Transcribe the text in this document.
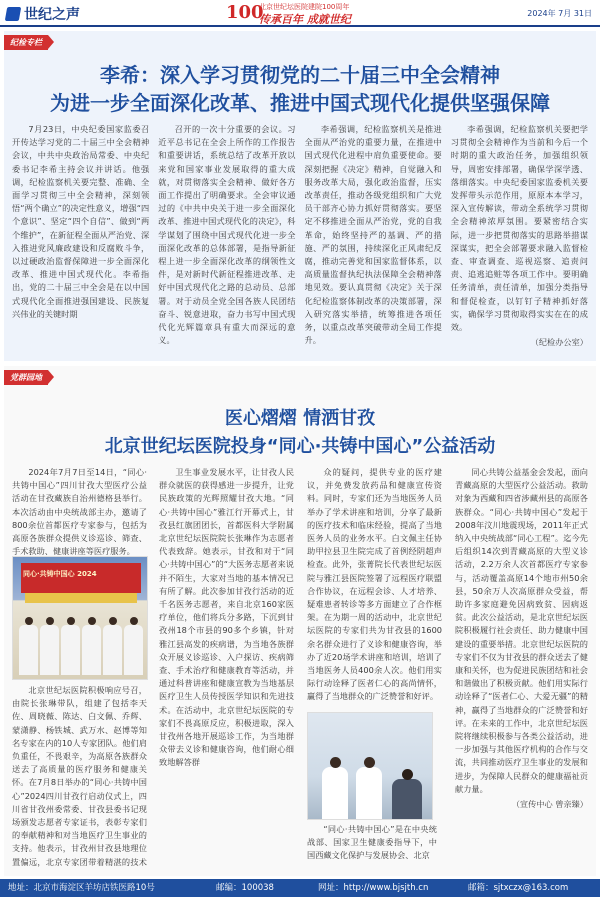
世纪之声	100
北京世纪坛医院建院100周年
传承百年 成就世纪	2024年 7月 31日
纪检专栏
李希：深入学习贯彻党的二十届三中全会精神
为进一步全面深化改革、推进中国式现代化提供坚强保障

7月23日，中央纪委国家监委召开传达学习党的二十届三中全会精神会议，中共中央政治局常委、中央纪委书记李希主持会议并讲话。他强调，纪检监察机关要完整、准确、全面学习贯彻三中全会精神，深刻领悟“两个确立”的决定性意义，增强“四个意识”、坚定“四个自信”、做到“两个维护”，在新征程全面从严治党、深入推进党风廉政建设和反腐败斗争，以过硬政治监督保障进一步全面深化改革、推进中国式现代化。李希指出，党的二十届三中全会是在以中国式现代化全面推进强国建设、民族复兴伟业的关键时期

召开的一次十分重要的会议。习近平总书记在全会上所作的工作报告和重要讲话，系统总结了改革开放以来党和国家事业发展取得的重大成就，对贯彻落实全会精神、做好各方面工作提出了明确要求。全会审议通过的《中共中央关于进一步全面深化改革、推进中国式现代化的决定》，科学谋划了围绕中国式现代化进一步全面深化改革的总体部署，是指导新征程上进一步全面深化改革的纲领性文件，是对新时代新征程推进改革、走好中国式现代化之路的总动员、总部署。对于动员全党全国各族人民团结奋斗、锐意进取，奋力书写中国式现代化光辉篇章具有重大而深远的意义。

李希强调，纪检监察机关是推进全面从严治党的重要力量，在推进中国式现代化进程中肩负重要使命。要深刻把握《决定》精神，自觉融入和服务改革大局，强化政治监督，压实改革责任，推动各级党组织和广大党员干部齐心协力抓好贯彻落实。要坚定不移推进全面从严治党，党的自我革命，始终坚持严的基调、严的措施、严的氛围，持续深化正风肃纪反腐，推动完善党和国家监督体系，以高质量监督执纪执法保障全会精神落地见效。要认真贯彻《决定》关于深化纪检监察体制改革的决策部署，深入研究落实举措，统筹推进各项任务，以重点改革突破带动全局工作提升。

李希强调，纪检监察机关要把学习贯彻全会精神作为当前和今后一个时期的重大政治任务，加强组织领导，周密安排部署，确保学深学透、落细落实。中央纪委国家监委机关要发挥带头示范作用，原原本本学习，深入宣传解读，带动全系统学习贯彻全会精神浓厚氛围。要紧密结合实际，进一步把贯彻落实的思路举措谋深谋实，把全会部署要求融入监督检查、审查调查、巡视巡察、追责问责、追逃追赃等各项工作中。要明确任务清单，责任清单，加强分类指导和督促检查，以钉钉子精神抓好落实，确保学习贯彻取得实实在在的成效。

（纪检办公室）

党群园地
医心熠熠 情洒甘孜
北京世纪坛医院投身“同心·共铸中国心”公益活动

2024年7月7日至14日，“同心·共铸中国心”四川甘孜大型医疗公益活动在甘孜藏族自治州德格县举行。本次活动由中央统战部主办，邀请了800余位首都医疗专家参与，包括为高原各族群众提供义诊巡诊、筛查、手术救助、健康讲座等医疗服务。

同心·共铸中国心 2024

北京世纪坛医院积极响应号召，由院长张琳带队，组建了包括李天佐、周晓薇、陈达、白文佩、乔辉、蒙潇静、杨铁城、武万水、赵博等知名专家在内的10人专家团队。他们肩负重任，不畏艰辛，为高原各族群众送去了高质量的医疗服务和健康关怀。在7月8日举办的“同心·共铸中国心”2024四川甘孜行启动仪式上，四川省甘孜州委常委、甘孜县委书记现场颁发志愿者专家证书，表彰专家们的奉献精神和对当地医疗卫生事业的支持。他表示，甘孜州甘孜县地理位置偏远，北京专家团带着精湛的技术

卫生事业发展水平，让甘孜人民群众就医的获得感进一步提升，让党民族政策的光辉照耀甘孜大地。“同心·共铸中国心”雅江行开幕式上，甘孜县红旗团团长，首都医科大学附属北京世纪坛医院院长张琳作为志愿者代表致辞。她表示，甘孜和对于“同心·共铸中国心”的“大医务志愿者来说并不陌生，大家对当地的基本情况已有所了解。此次参加甘孜行活动的近千名医务志愿者，来自北京160家医疗单位，他们将兵分多路，下沉到甘孜州18个市县的90多个乡镇，针对雅江县高发的疾病谱，为当地各族群众开展义诊巡诊、入户探访、疾病筛查、手术治疗和健康教育等活动，并通过科普讲座和健康宣教为当地基层医疗卫生人员传授医学知识和先进技术。在活动中，北京世纪坛医院的专家们不畏高原反应，积极进取，深入甘孜州各地开展巡诊工作，为当地群众带去义诊和健康咨询，他们耐心细致地解答群

众的疑问，提供专业的医疗建议，并免费发放药品和健康宣传资料。同时，专家们还为当地医务人员举办了学术讲座和培训，分享了最新的医疗技术和临床经验，提高了当地医务人员的业务水平。白文佩主任协助甲拉县卫生院完成了首例经阴超声检查。此外，张菁院长代表世纪坛医院与雅江县医院签署了远程医疗联盟合作协议，在远程会诊、人才培养、疑难患者转诊等多方面建立了合作框架。在为期一周的活动中，北京世纪坛医院的专家们共为甘孜县的1600余名群众进行了义诊和健康咨询，举办了近20场学术讲座和培训，培训了当地医务人员400余人次。他们用实际行动诠释了医者仁心的高尚情怀，赢得了当地群众的广泛赞誉和好评。

“同心·共铸中国心”是在中央统战部、国家卫生健康委指导下，中国西藏文化保护与发展协会、北京

同心共铸公益基金会发起，面向青藏高原的大型医疗公益活动。救助对象为西藏和四省涉藏州县的高原各族群众。“同心·共铸中国心”发起于2008年汶川地震现场，2011年正式纳入中央统战部“同心工程”。迄今先后组织14次到青藏高原的大型义诊活动，2.2万余人次首都医疗专家参与，活动覆盖高原14个地市州50余县，50余万人次高原群众受益，帮助许多家庭避免因病致贫、因病返贫。此次公益活动，是北京世纪坛医院积极履行社会责任、助力健康中国建设的重要举措。北京世纪坛医院的专家们不仅为甘孜县的群众送去了健康和关怀，也为促进民族团结和社会和谐做出了积极贡献。他们用实际行动诠释了“医者仁心、大爱无疆”的精神，赢得了当地群众的广泛赞誉和好评。在未来的工作中，北京世纪坛医院将继续积极参与各类公益活动，进一步加强与其他医疗机构的合作与交流，共同推动医疗卫生事业的发展和进步，为保障人民群众的健康福祉贡献力量。

（宣传中心 曾亲臻）

地址：北京市海淀区羊坊店铁医路10号	邮编：100038	网址：http://www.bjsjth.cn	邮箱：sjtxczx@163.com
